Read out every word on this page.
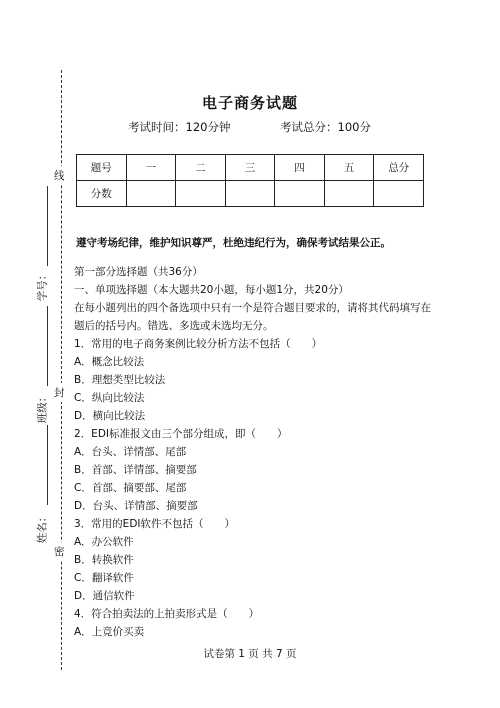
线
封
密
学号：
班级：
姓名：
电子商务试题
考试时间：120分钟	考试总分：100分
题号	一	二	三	四	五	总分
分数						
遵守考场纪律，维护知识尊严，杜绝违纪行为，确保考试结果公正。
第一部分选择题（共36分）
一、单项选择题（本大题共20小题，每小题1分，共20分）
在每小题列出的四个备选项中只有一个是符合题目要求的，请将其代码填写在
题后的括号内。错选、多选或未选均无分。
1．常用的电子商务案例比较分析方法不包括（　　）
A．概念比较法
B．理想类型比较法
C．纵向比较法
D．横向比较法
2．EDI标准报文由三个部分组成，即（　　）
A．台头、详情部、尾部
B．首部、详情部、摘要部
C．首部、摘要部、尾部
D．台头、详情部、摘要部
3．常用的EDI软件不包括（　　）
A．办公软件
B．转换软件
C．翻译软件
D．通信软件
4．符合拍卖法的上拍卖形式是（　　）
A．上竞价买卖
试卷第 1 页 共 7 页
